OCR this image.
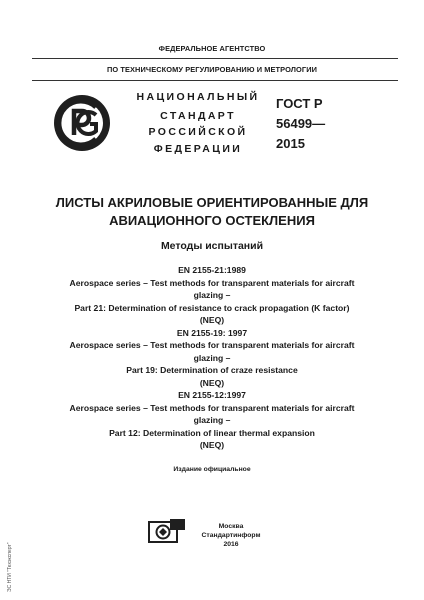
ФЕДЕРАЛЬНОЕ АГЕНТСТВО
ПО ТЕХНИЧЕСКОМУ РЕГУЛИРОВАНИЮ И МЕТРОЛОГИИ
НАЦИОНАЛЬНЫЙ
СТАНДАРТ
РОССИЙСКОЙ
ФЕДЕРАЦИИ
ГОСТ Р
56499—
2015
ЛИСТЫ АКРИЛОВЫЕ ОРИЕНТИРОВАННЫЕ ДЛЯ
АВИАЦИОННОГО ОСТЕКЛЕНИЯ
Методы испытаний
EN 2155-21:1989
Aerospace series – Test methods for transparent materials for aircraft
glazing –
Part 21: Determination of resistance to crack propagation (K factor)
(NEQ)
EN 2155-19: 1997
Aerospace series – Test methods for transparent materials for aircraft
glazing –
Part 19: Determination of craze resistance
(NEQ)
EN 2155-12:1997
Aerospace series – Test methods for transparent materials for aircraft
glazing –
Part 12: Determination of linear thermal expansion
(NEQ)
Издание официальное
Москва
Стандартинформ
2016
ЭС НТИ "Техэксперт"
